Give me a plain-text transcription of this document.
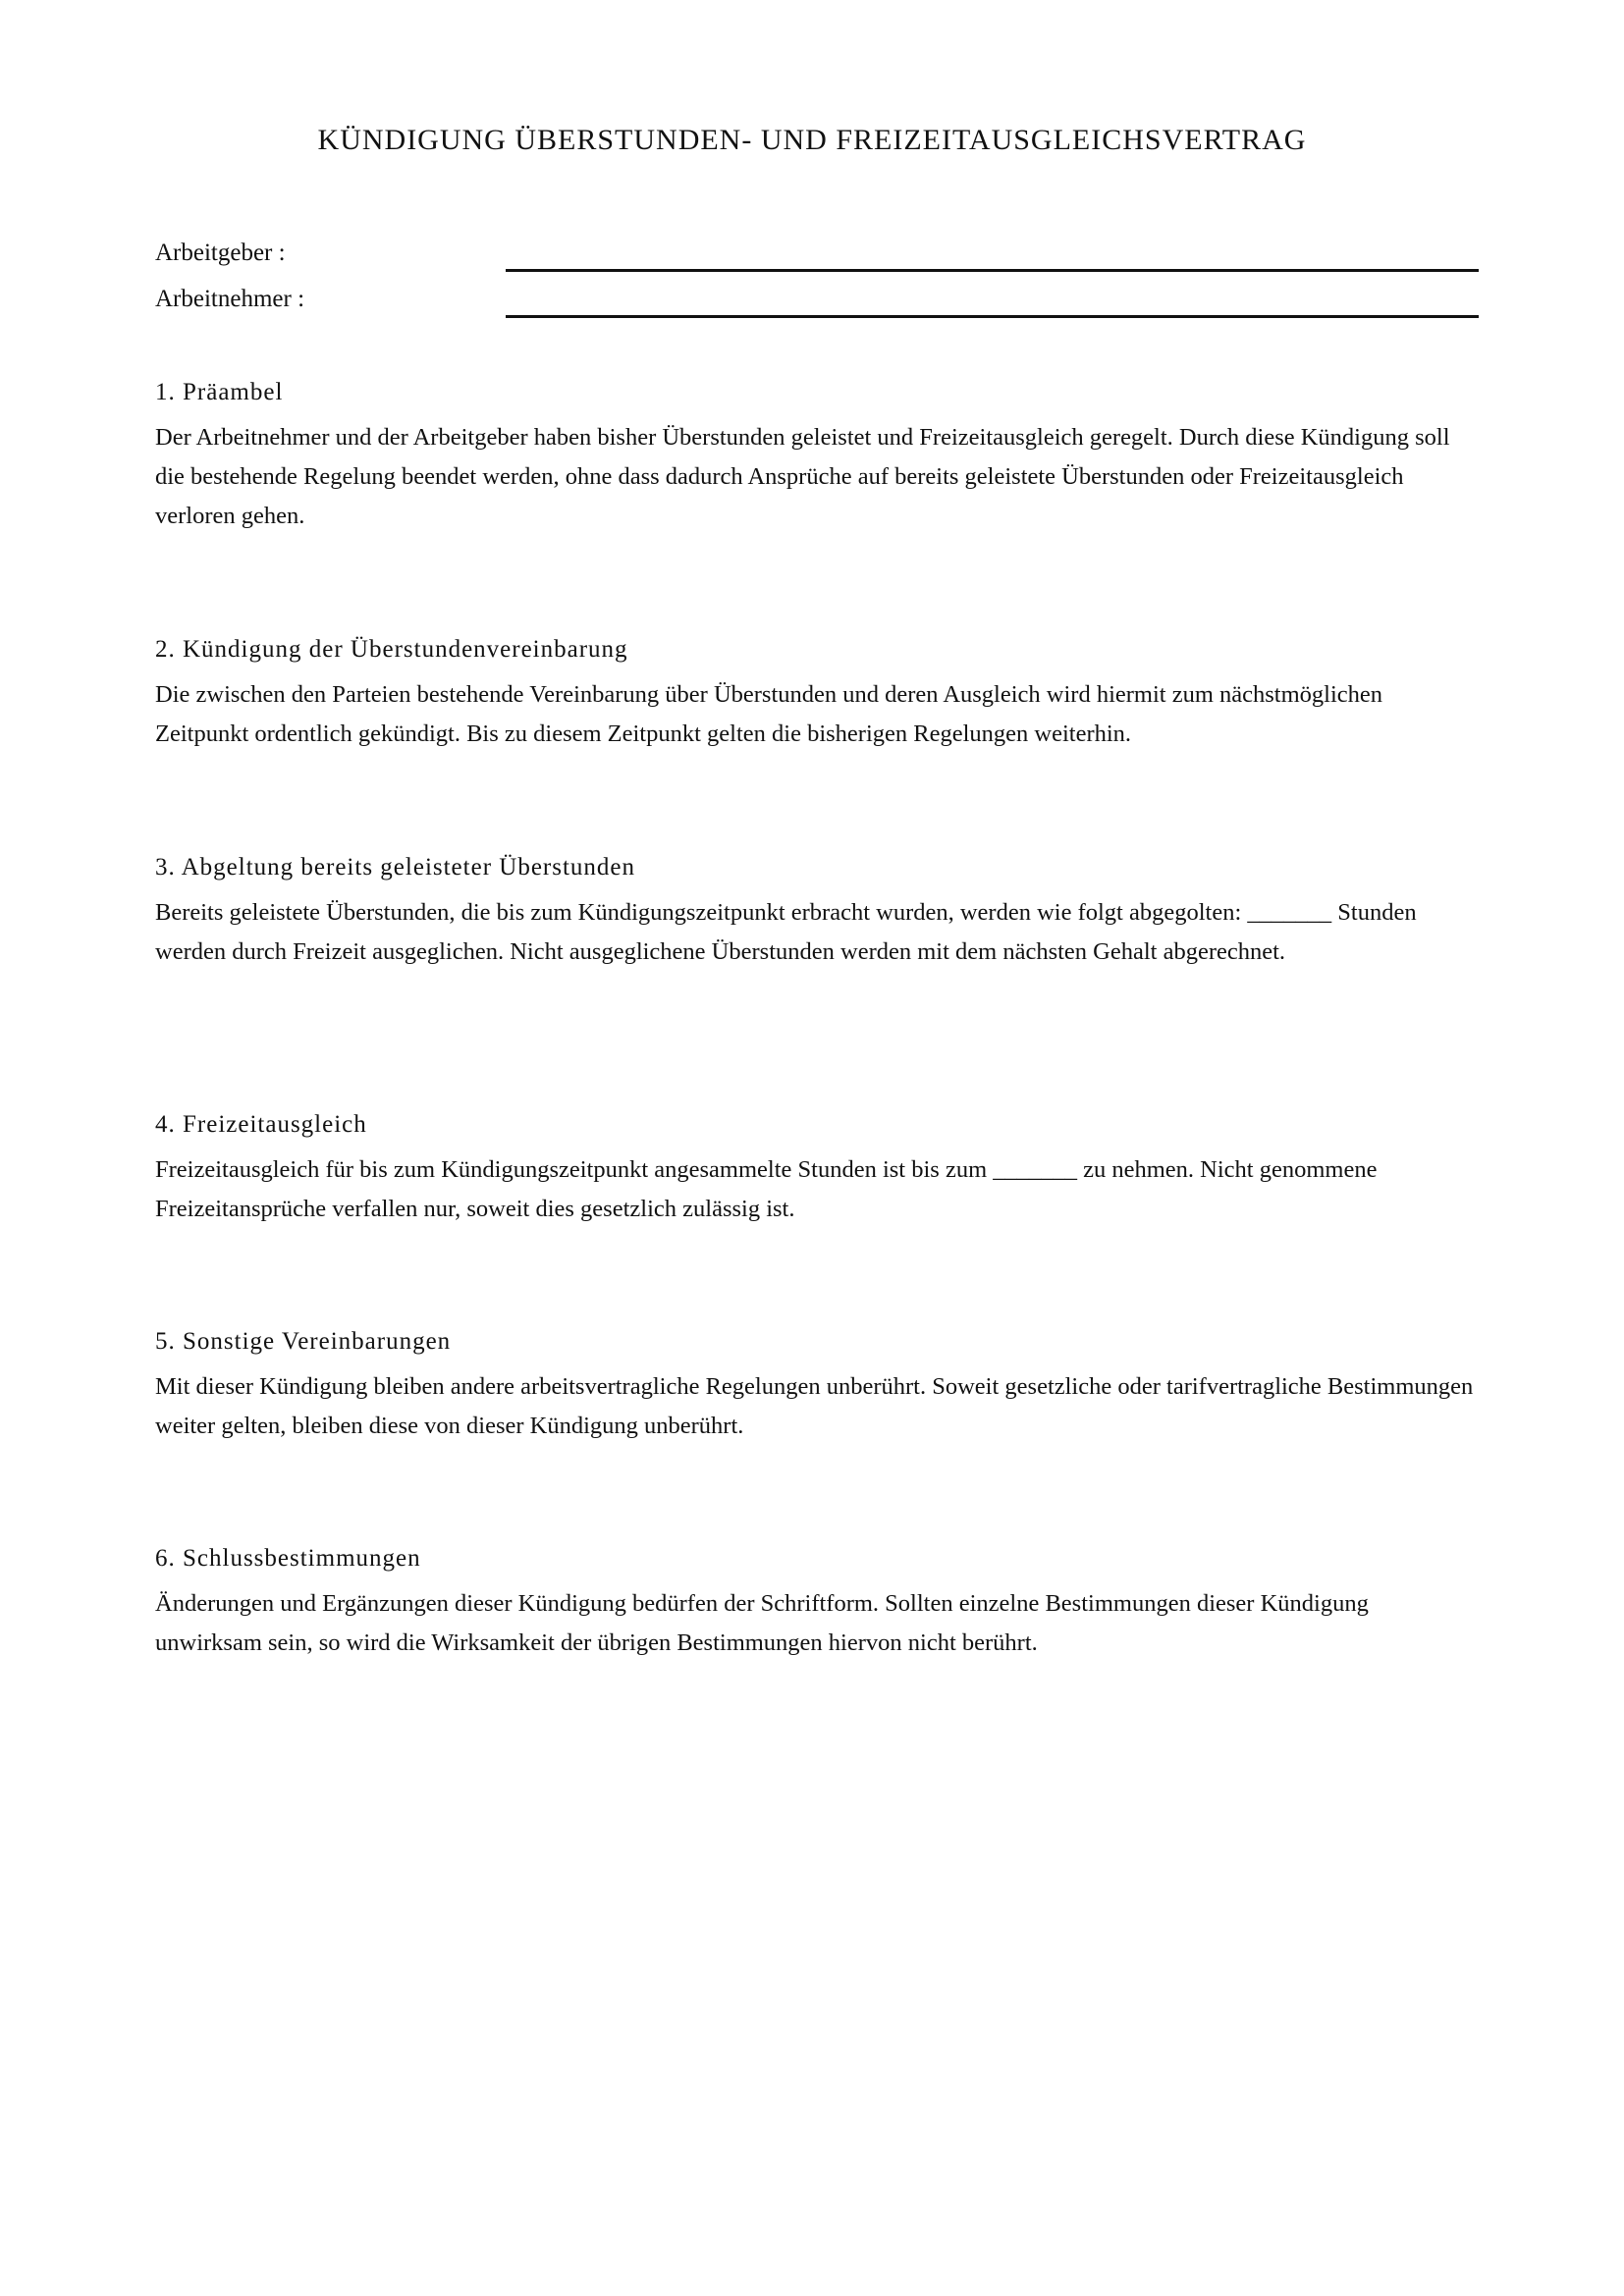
KÜNDIGUNG ÜBERSTUNDEN- UND FREIZEITAUSGLEICHSVERTRAG
Arbeitgeber :
Arbeitnehmer :
1. Präambel

Der Arbeitnehmer und der Arbeitgeber haben bisher Überstunden geleistet und Freizeitausgleich geregelt. Durch diese Kündigung soll die bestehende Regelung beendet werden, ohne dass dadurch Ansprüche auf bereits geleistete Überstunden oder Freizeitausgleich verloren gehen.

2. Kündigung der Überstundenvereinbarung

Die zwischen den Parteien bestehende Vereinbarung über Überstunden und deren Ausgleich wird hiermit zum nächstmöglichen Zeitpunkt ordentlich gekündigt. Bis zu diesem Zeitpunkt gelten die bisherigen Regelungen weiterhin.

3. Abgeltung bereits geleisteter Überstunden

Bereits geleistete Überstunden, die bis zum Kündigungszeitpunkt erbracht wurden, werden wie folgt abgegolten: _______ Stunden werden durch Freizeit ausgeglichen. Nicht ausgeglichene Überstunden werden mit dem nächsten Gehalt abgerechnet.

4. Freizeitausgleich

Freizeitausgleich für bis zum Kündigungszeitpunkt angesammelte Stunden ist bis zum _______ zu nehmen. Nicht genommene Freizeitansprüche verfallen nur, soweit dies gesetzlich zulässig ist.

5. Sonstige Vereinbarungen

Mit dieser Kündigung bleiben andere arbeitsvertragliche Regelungen unberührt. Soweit gesetzliche oder tarifvertragliche Bestimmungen weiter gelten, bleiben diese von dieser Kündigung unberührt.

6. Schlussbestimmungen

Änderungen und Ergänzungen dieser Kündigung bedürfen der Schriftform. Sollten einzelne Bestimmungen dieser Kündigung unwirksam sein, so wird die Wirksamkeit der übrigen Bestimmungen hiervon nicht berührt.
